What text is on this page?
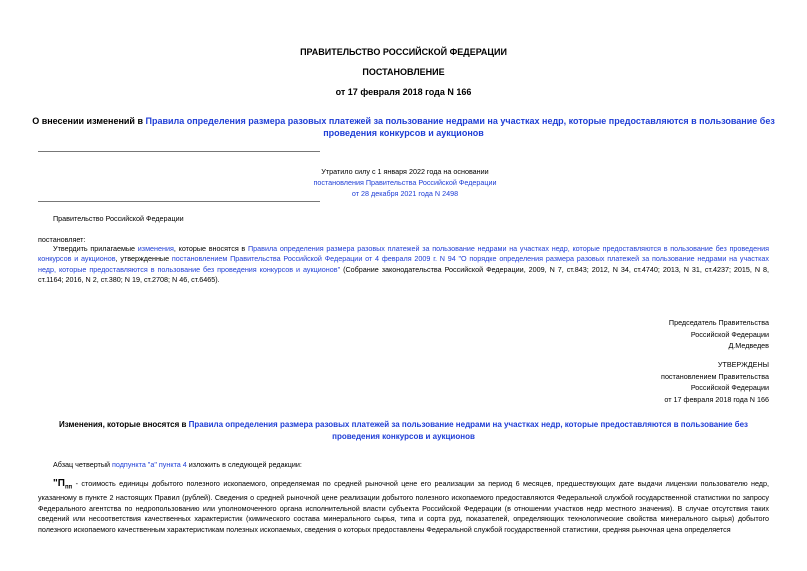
ПРАВИТЕЛЬСТВО РОССИЙСКОЙ ФЕДЕРАЦИИ
ПОСТАНОВЛЕНИЕ
от 17 февраля 2018 года N 166
О внесении изменений в Правила определения размера разовых платежей за пользование недрами на участках недр, которые предоставляются в пользование без проведения конкурсов и аукционов
Утратило силу с 1 января 2022 года на основании
постановления Правительства Российской Федерации
от 28 декабря 2021 года N 2498
Правительство Российской Федерации
постановляет:
Утвердить прилагаемые изменения, которые вносятся в Правила определения размера разовых платежей за пользование недрами на участках недр, которые предоставляются в пользование без проведения конкурсов и аукционов, утвержденные постановлением Правительства Российской Федерации от 4 февраля 2009 г. N 94 "О порядке определения размера разовых платежей за пользование недрами на участках недр, которые предоставляются в пользование без проведения конкурсов и аукционов" (Собрание законодательства Российской Федерации, 2009, N 7, ст.843; 2012, N 34, ст.4740; 2013, N 31, ст.4237; 2015, N 8, ст.1164; 2016, N 2, ст.380; N 19, ст.2708; N 46, ст.6465).
Председатель Правительства
Российской Федерации
Д.Медведев
УТВЕРЖДЕНЫ
постановлением Правительства
Российской Федерации
от 17 февраля 2018 года N 166
Изменения, которые вносятся в Правила определения размера разовых платежей за пользование недрами на участках недр, которые предоставляются в пользование без проведения конкурсов и аукционов
Абзац четвертый подпункта "а" пункта 4 изложить в следующей редакции:
"$П_{пп}$ - стоимость единицы добытого полезного ископаемого, определяемая по средней рыночной цене его реализации за период 6 месяцев, предшествующих дате выдачи лицензии пользователю недр, указанному в пункте 2 настоящих Правил (рублей). Сведения о средней рыночной цене реализации добытого полезного ископаемого предоставляются Федеральной службой государственной статистики по запросу Федерального агентства по недропользованию или уполномоченного органа исполнительной власти субъекта Российской Федерации (в отношении участков недр местного значения). В случае отсутствия таких сведений или несоответствия качественных характеристик (химического состава минерального сырья, типа и сорта руд, показателей, определяющих технологические свойства минерального сырья) добытого полезного ископаемого качественным характеристикам полезных ископаемых, сведения о которых предоставлены Федеральной службой государственной статистики, средняя рыночная цена определяется
